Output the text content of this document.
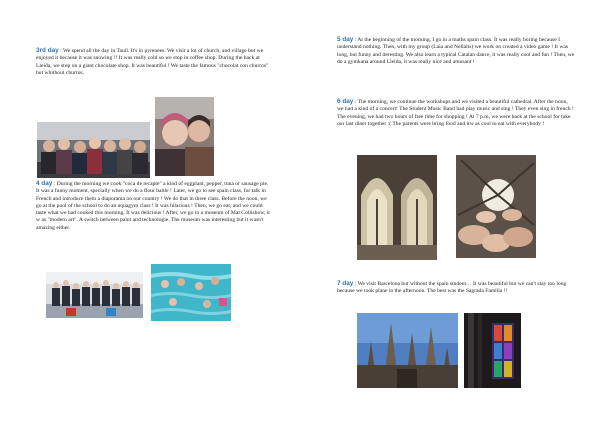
3rd day : We spend all the day in Taull. It's in pyrenees. We visit a lot of church, and village but we enjoyed it because it was snowing !! It was really cold so we stop in coffee shop. During the back at Lleida, we stop on a giant chocolate shop. It was beautiful ! We taste the famous "chocolat con churros" but whithout churros.
4 day : During the morning we cook "coca de recapte" a kind of eggplant, pepper, tuna or sausage pie. It was a funny moment, specially when we do a flour battle ! Later, we go to see spain class, for talk in French and introduce them a diaporama on our country ! We do that in three class. Before the noon, we go at the pool of the school to do an aquagym class ! It was hilarious ! Then, we go eat, and we could taste what we had cooked this morning. It was delicious ! After, we go in a museum of Mat Collishow, it w as "modern art". A switch between paint and technologie. The museum was interesting but it wasn't amazing either.
5 day : At the beginning of the morning, I go in a maths spain class. It was really boring because I understand nothing. Then, with my group (Laia and Nellalis) we work on created a video game ! It was long, but funny and iteresting. We also learn a typical Catalan dance, it was really cool and fun ! Then, we do a gymkana around Lleida, it was really nice and amusant !
6 day : The morning, we continue the workshops and we visited a beautiful cathedral. After the noon, we had a kind of a concert! The Student Music Band had play music and sing ! They even sing in french ! The evening, we had two hours of free time for shopping ! At 7 p.m, we were back at the school for take our last diner together :( The parents were bring food and itw as cool to eat with everybody !
7 day : We visit Barcelona but without the spain student… It was beautiful but we can't stay too long because we took plane in the afternoon. The best was the Sagrada Familia !!
